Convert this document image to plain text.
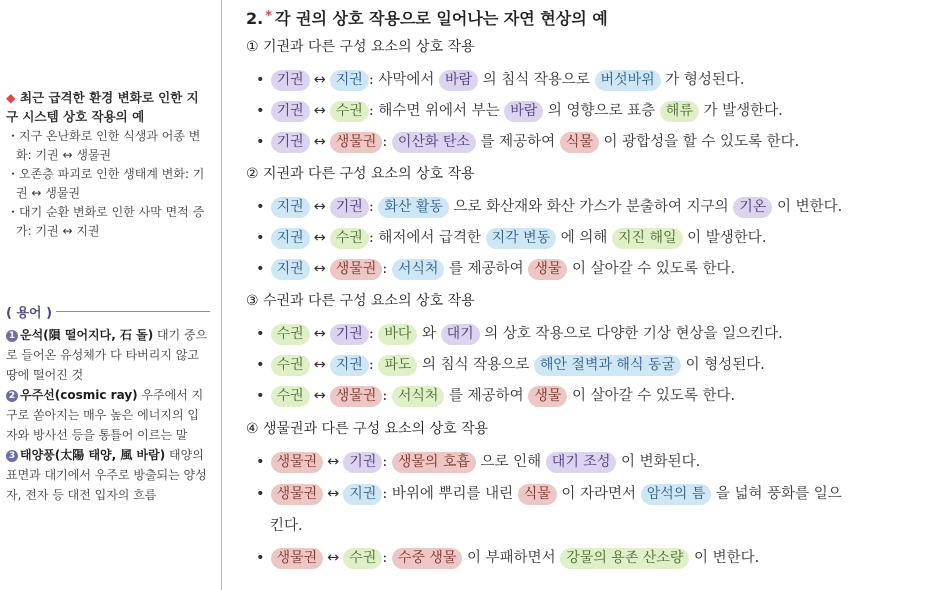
◆ 최근 급격한 환경 변화로 인한 지구 시스템 상호 작용의 예
・지구 온난화로 인한 식생과 어종 변화: 기권 ↔ 생물권
・오존층 파괴로 인한 생태계 변화: 기권 ↔ 생물권
・대기 순환 변화로 인한 사막 면적 증가: 기권 ↔ 지권
( 용어 )
1 운석(隕 떨어지다, 石 돌) 대기 중으로 들어온 유성체가 다 타버리지 않고 땅에 떨어진 것
2 우주선(cosmic ray) 우주에서 지구로 쏟아지는 매우 높은 에너지의 입자와 방사선 등을 통틀어 이르는 말
3 태양풍(太陽 태양, 風 바람) 태양의 표면과 대기에서 우주로 방출되는 양성자, 전자 등 대전 입자의 흐름
2. * 각 권의 상호 작용으로 일어나는 자연 현상의 예
① 기권과 다른 구성 요소의 상호 작용
• 기권 ↔ 지권 : 사막에서 바람 의 침식 작용으로 버섯바위 가 형성된다.
• 기권 ↔ 수권 : 해수면 위에서 부는 바람 의 영향으로 표층 해류 가 발생한다.
• 기권 ↔ 생물권 : 이산화 탄소 를 제공하여 식물 이 광합성을 할 수 있도록 한다.
② 지권과 다른 구성 요소의 상호 작용
• 지권 ↔ 기권 : 화산 활동 으로 화산재와 화산 가스가 분출하여 지구의 기온 이 변한다.
• 지권 ↔ 수권 : 해저에서 급격한 지각 변동 에 의해 지진 해일 이 발생한다.
• 지권 ↔ 생물권 : 서식처 를 제공하여 생물 이 살아갈 수 있도록 한다.
③ 수권과 다른 구성 요소의 상호 작용
• 수권 ↔ 기권 : 바다 와 대기 의 상호 작용으로 다양한 기상 현상을 일으킨다.
• 수권 ↔ 지권 : 파도 의 침식 작용으로 해안 절벽과 해식 동굴 이 형성된다.
• 수권 ↔ 생물권 : 서식처 를 제공하여 생물 이 살아갈 수 있도록 한다.
④ 생물권과 다른 구성 요소의 상호 작용
• 생물권 ↔ 기권 : 생물의 호흡 으로 인해 대기 조성 이 변화된다.
• 생물권 ↔ 지권 : 바위에 뿌리를 내린 식물 이 자라면서 암석의 틈 을 넓혀 풍화를 일으
킨다.
• 생물권 ↔ 수권 : 수중 생물 이 부패하면서 강물의 용존 산소량 이 변한다.
